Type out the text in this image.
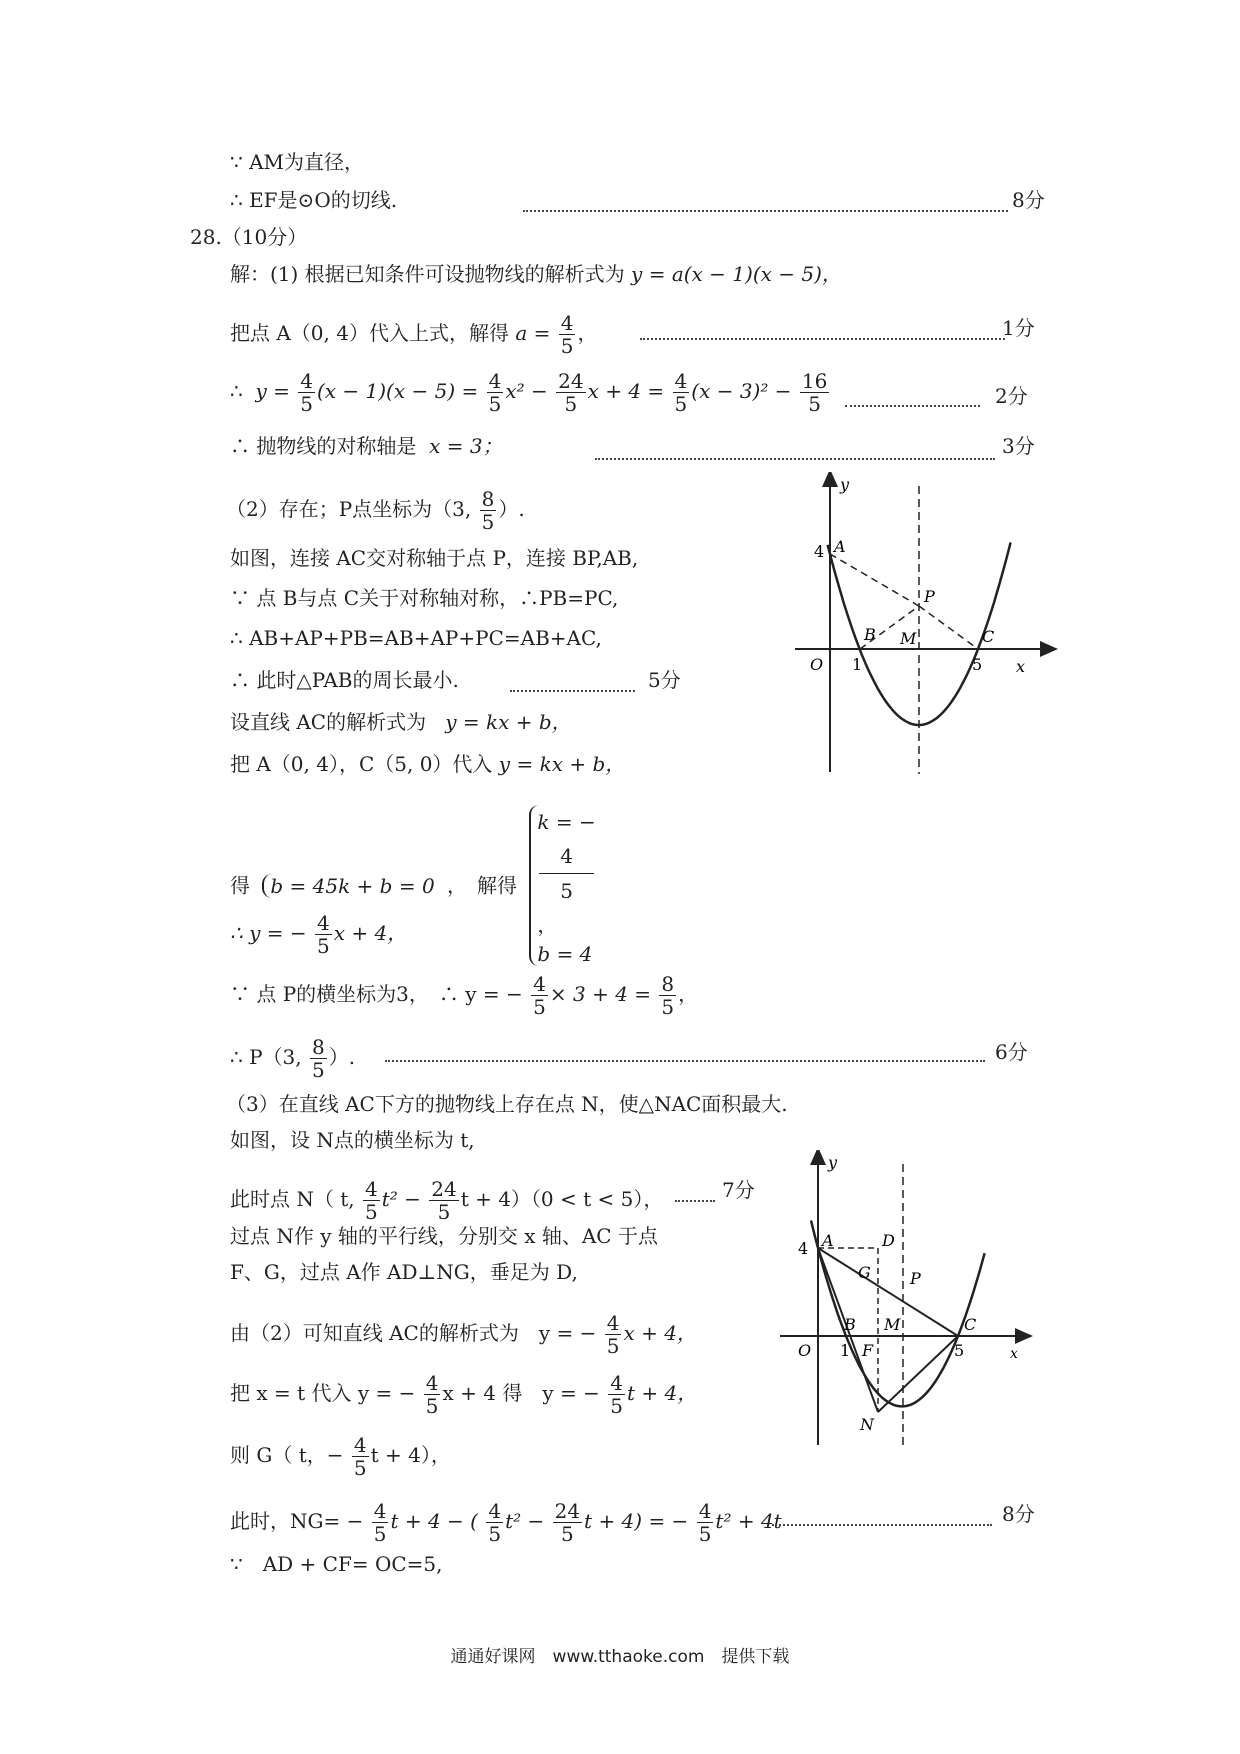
∵ AM为直径，
∴ EF是⊙O的切线.	8分
28.（10分）
解：(1) 根据已知条件可设抛物线的解析式为 y = a(x − 1)(x − 5)，
把点 A（0, 4）代入上式，解得 $a = \frac{4}{5}$ ，	1分
∴ $y = \frac{4}{5} (x - 1)(x - 5) = \frac{4}{5} x^2 - \frac{24}{5}$ $x + 4 = \frac{4}{5} (x - 3)^2 - \frac{16}{5}$	2分
∴ 抛物线的对称轴是 x = 3；	3分
（2）存在；P点坐标为（3, $\frac{8}{5}$ ）.
如图，连接 AC交对称轴于点 P，连接 BP,AB,
∵ 点 B与点 C关于对称轴对称，∴PB=PC,
∴ AB+AP+PB=AB+AP+PC=AB+AC,
∴ 此时△PAB的周长最小.	5分
设直线 AC的解析式为 y = kx + b，
把 A（0, 4），C（5, 0）代入 y = kx + b，
得 b = 45k + b = 0 ，　解得
k = −
4
5
，
b = 4
∴ y = − $\frac{4}{5}$ x + 4，
∵ 点 P的横坐标为3，　∴ y = − $\frac{4}{5} \times 3 + 4 = \frac{8}{5}$ ，
∴ P（3, $\frac{8}{5}$ ）.	6分
（3）在直线 AC下方的抛物线上存在点 N，使△NAC面积最大.
如图，设 N点的横坐标为 t,
此时点 N（ t, $\frac{4}{5} t^2 - \frac{24}{5}$ t + 4）（0 < t < 5），	7分
过点 N作 y 轴的平行线，分别交 x 轴、AC 于点
F、G，过点 A作 AD⊥NG，垂足为 D,
由（2）可知直线 AC的解析式为　y = − $\frac{4}{5}$ x + 4，
把 x = t 代入 y = − $\frac{4}{5}$ x + 4 得　y = − $\frac{4}{5}$ t + 4，
则 G（ t，− $\frac{4}{5}$ t + 4），
此时，$NG= - \frac{4}{5}$ t + 4 − ( $\frac{4}{5} t^2 - \frac{24}{5}$ t + 4) = − $\frac{4}{5} t^2 + 4t$	8分
∵　AD + CF= OC=5,
y
x
O
4 A
1
B M
P
C
5
y
x
O
4 A	D
G P
B M	C
1 F	5
N
通通好课网　www.tthaoke.com　提供下载
